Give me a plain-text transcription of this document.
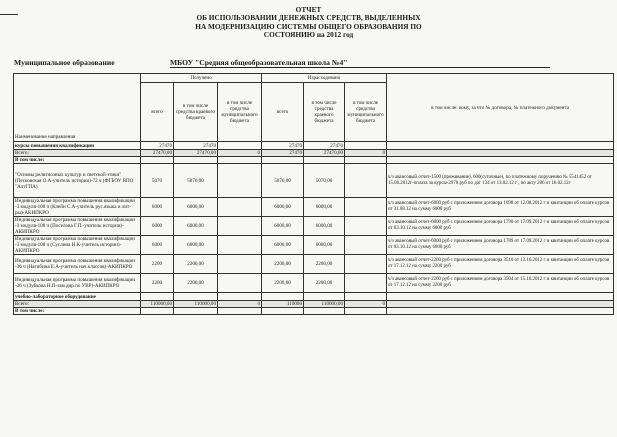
ОТЧЕТ
ОБ ИСПОЛЬЗОВАНИИ ДЕНЕЖНЫХ СРЕДСТВ, ВЫДЕЛЕННЫХ
НА МОДЕРНИЗАЦИЮ СИСТЕМЫ ОБЩЕГО ОБРАЗОВАНИЯ ПО
СОСТОЯНИЮ на 2012 год
Муниципальное образование	МБОУ "Средняя общеобразовательная школа №4"
Наименование направления	Получено			Израсходовано			в том числе: кому, за что № договора, № платежного документа
	всего	в том числе средства краевого бюджета	в том числе средства муниципального бюджета	всего	в том числе средства краевого бюджета	в том числе средства муниципального бюджета	
курсы повышения квалификации	27470	27470		27470	27470		
Всего:	27470,00	27470,00	0	27470	27470,00	0	
В том числе:							
"Основы религиозных культур и светской этики" (Песковская О.А-учитель истории)-72 ч (ФГБОУ ВПО "АлтГПА)	5070	5070,00		5070,00	5070,00		ч/з авансовый отчет-1500 (проживание), 600(суточные), по платежному поручению № 5541452 от 15.06.2012г-оплата за курсы-2970 руб по дог 134 от 13.02.12 г , по акту 206 от 16.02.12г
Индивидуальная программа повышения квалификации -3 модуля-108 ч (Клейн С.А-учитель рус.языка и лит-ры)-АКИПКРО	6000	6000,00		6000,00	6000,00		ч/з авансовый отчет-6000 руб с приложением договора 1098 от 12.08.2012 г и квитанции об оплате курсов от 31.08.12 на сумму 6000 руб
Индивидуальная программа повышения квалификации -3 модуля-108 ч (Поселова Г.П.-учитель истории)-АКИПКРО	6000	6000,00		6000,00	6000,00		ч/з авансовый отчет-6000 руб с приложением договора 1790 от 17.09.2012 г и квитанции об оплате курсов от 03.10.12 на сумму 6000 руб
Индивидуальная программа повышения квалификации -3 модуля-108 ч (Суслина Н.К-учитель истории)-АКИПКРО	6000	6000,00		6000,00	6000,00		ч/з авансовый отчет-6000 руб с приложением договора 1789 от 17.09.2012 г и квитанции об оплате курсов от 03.10.12 на сумму 6000 руб
Индивидуальная программа повышения квалификации -36 ч (Нагибина Е.А-учитель нач.классов)-АКИПКРО	2200	2200,00		2200,00	2200,00		ч/з авансовый отчет-2200 руб с приложением договора 3510 от 13.10.2012 г и квитанции об оплате курсов от 17.12.12 на сумму 2200 руб
Индивидуальная программа повышения квалификации -36 ч (Зубкова Н.П-зам.дир.по УВР)-АКИПКРО	2200	2200,00		2200,00	2200,00		ч/з авансовый отчет-2200 руб с приложением договора 3504 от 15.10.2012 г и квитанции об оплате курсов от 17.12.12 на сумму 2200 руб
учебно-лабораторное оборудование							
Всего:	110000,00	110000,00	0	110000	110000,00	0	
В том числе:							
